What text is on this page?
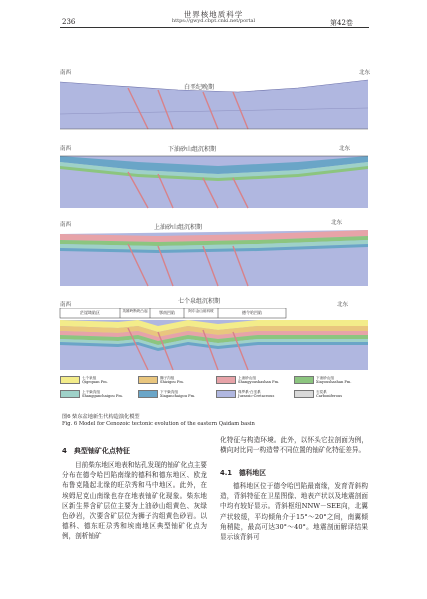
世界核地质科学
https://gwyd.cbpt.cnki.net/portal
236	第42卷
南西	北东
白垩纪晚期
南西	北东
下油砂山组沉积期
南西	北东
上油砂山组沉积期
南西	北东
七个泉组沉积期
茫崖坳陷区	英雄岭断块凸起	鄂南凹陷	阿尔金山前斜坡	德令哈凹陷
七个泉组
Qigequan Fm.
狮子沟组
Shizigou Fm.
上油砂山组
Shangyoushashan Fm.
下油砂山组
Xiayoushashan Fm.
上干柴沟组
Shangganchaigou Fm.
下干柴沟组
Xiaganchaigou Fm.
侏罗系-白垩系
Jurassic-Cretaceous
石炭系
Carboniferous
图6 柴东盆地新生代构造演化模型
Fig. 6 Model for Cenozoic tectonic evolution of the eastern Qaidam basin
4　典型铀矿化点特征
目前柴东地区地表和钻孔发现的铀矿化点主要分布在德令哈凹陷南缘的德科和德东地区、欧龙布鲁克隆起北缘的旺尕秀和马中地区。此外，在埃姆尼克山南缘也存在地表铀矿化现象。柴东地区新生界含矿层位主要为上油砂山组黄色、灰绿色砂岩，次要含矿层位为狮子沟组黄色砂岩。以德科、德东旺尕秀和埃南地区典型铀矿化点为例，剖析铀矿
化特征与构造环境。此外，以怀头它拉剖面为例，横向对比同一构造带不同位置的铀矿化特征差异。
4.1　德科地区
德科地区位于德令哈凹陷最南缘，发育背斜构造，背斜特征在卫星图像、地表产状以及地震剖面中均有较好显示。背斜枢纽NNW－SEE向，北翼产状较缓，平均倾角介于15°～20°之间，南翼倾角稍陡，最高可达30°～40°。地震剖面解译结果显示该背斜可
